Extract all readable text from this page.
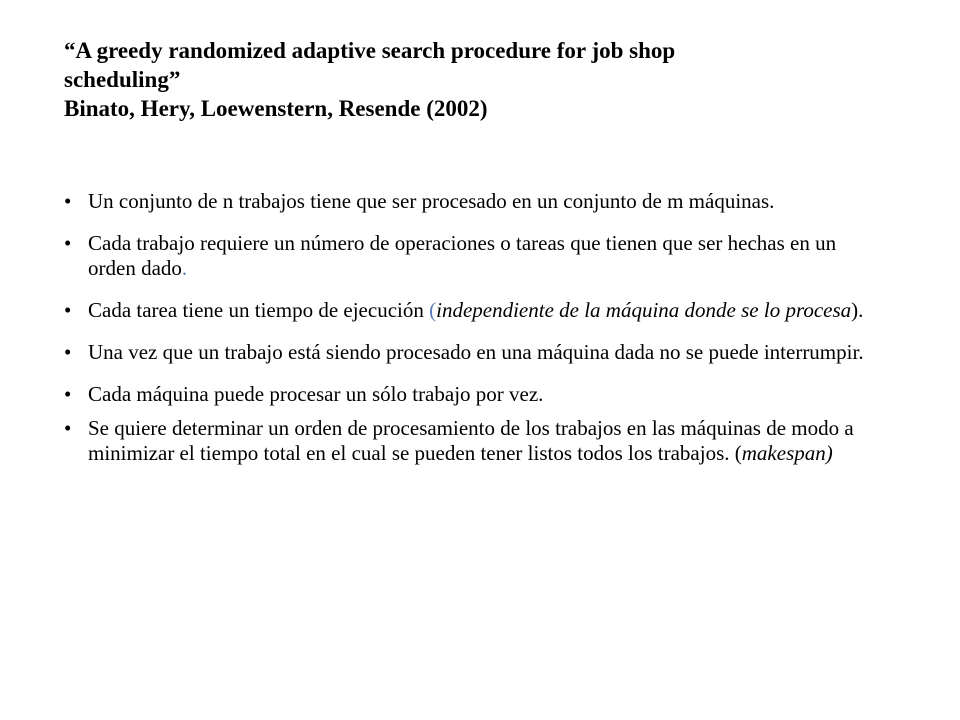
“A greedy randomized adaptive search procedure for job shop
scheduling”
Binato, Hery, Loewenstern, Resende (2002)
• Un conjunto de n trabajos tiene que ser procesado en un conjunto de m máquinas.
• Cada trabajo requiere un número de operaciones o tareas que tienen que ser hechas en un orden dado.
• Cada tarea tiene un tiempo de ejecución (independiente de la máquina donde se lo procesa).
• Una vez que un trabajo está siendo procesado en una máquina dada no se puede interrumpir.
• Cada máquina puede procesar un sólo trabajo por vez.
• Se quiere determinar un orden de procesamiento de los trabajos en las máquinas de modo a minimizar el tiempo total en el cual se pueden tener listos todos los trabajos. (makespan)
